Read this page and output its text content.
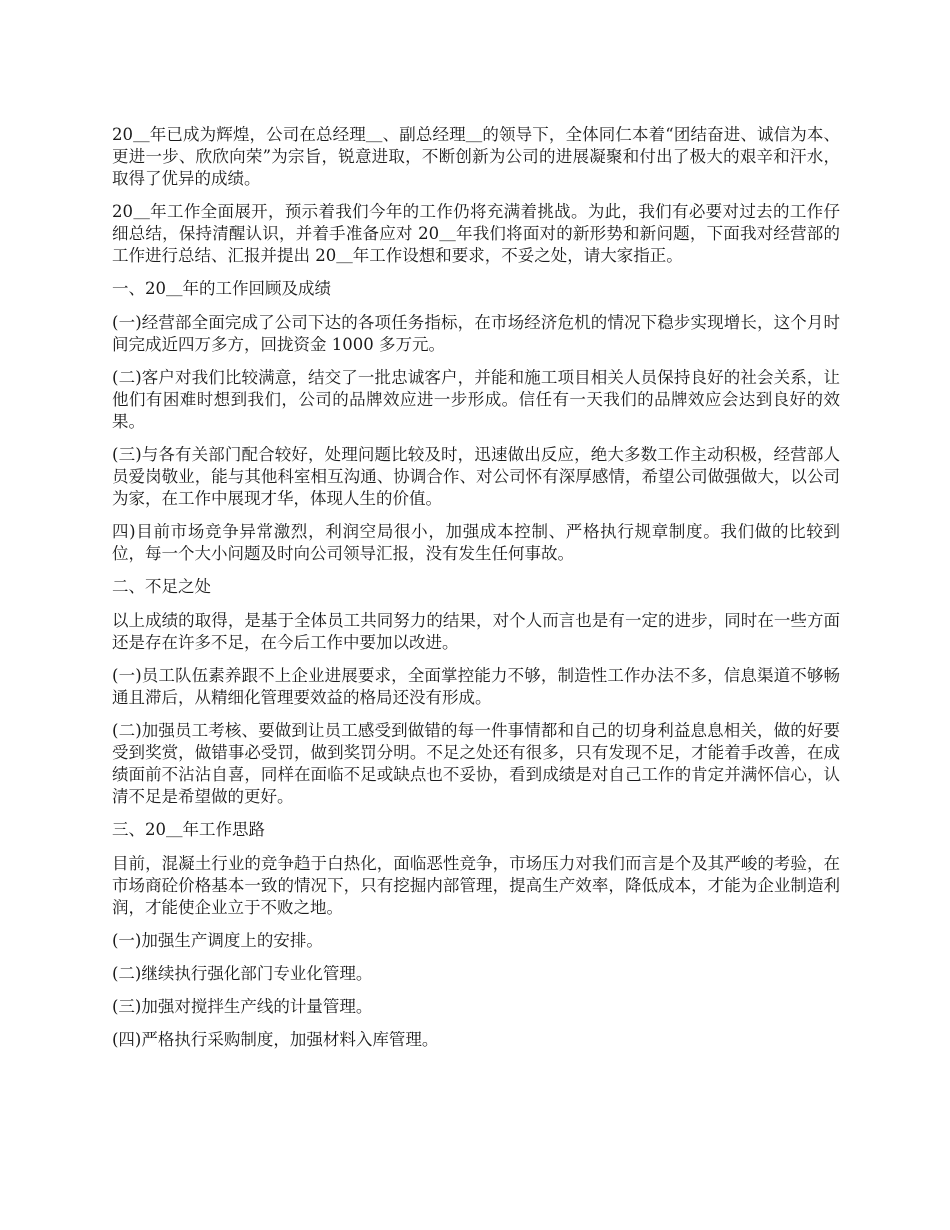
20＿年已成为辉煌，公司在总经理＿、副总经理＿的领导下，全体同仁本着“团结奋进、诚信为本、更进一步、欣欣向荣”为宗旨，锐意进取，不断创新为公司的进展凝聚和付出了极大的艰辛和汗水，取得了优异的成绩。

20＿年工作全面展开，预示着我们今年的工作仍将充满着挑战。为此，我们有必要对过去的工作仔细总结，保持清醒认识，并着手准备应对 20＿年我们将面对的新形势和新问题，下面我对经营部的工作进行总结、汇报并提出 20＿年工作设想和要求，不妥之处，请大家指正。

一、20＿年的工作回顾及成绩

(一)经营部全面完成了公司下达的各项任务指标，在市场经济危机的情况下稳步实现增长，这个月时间完成近四万多方，回拢资金 1000 多万元。

(二)客户对我们比较满意，结交了一批忠诚客户，并能和施工项目相关人员保持良好的社会关系，让他们有困难时想到我们，公司的品牌效应进一步形成。信任有一天我们的品牌效应会达到良好的效果。

(三)与各有关部门配合较好，处理问题比较及时，迅速做出反应，绝大多数工作主动积极，经营部人员爱岗敬业，能与其他科室相互沟通、协调合作、对公司怀有深厚感情，希望公司做强做大，以公司为家，在工作中展现才华，体现人生的价值。

四)目前市场竞争异常激烈，利润空局很小，加强成本控制、严格执行规章制度。我们做的比较到位，每一个大小问题及时向公司领导汇报，没有发生任何事故。

二、不足之处

以上成绩的取得，是基于全体员工共同努力的结果，对个人而言也是有一定的进步，同时在一些方面还是存在许多不足，在今后工作中要加以改进。

(一)员工队伍素养跟不上企业进展要求，全面掌控能力不够，制造性工作办法不多，信息渠道不够畅通且滞后，从精细化管理要效益的格局还没有形成。

(二)加强员工考核、要做到让员工感受到做错的每一件事情都和自己的切身利益息息相关，做的好要受到奖赏，做错事必受罚，做到奖罚分明。不足之处还有很多，只有发现不足，才能着手改善，在成绩面前不沾沾自喜，同样在面临不足或缺点也不妥协，看到成绩是对自己工作的肯定并满怀信心，认清不足是希望做的更好。

三、20＿年工作思路

目前，混凝土行业的竞争趋于白热化，面临恶性竞争，市场压力对我们而言是个及其严峻的考验，在市场商砼价格基本一致的情况下，只有挖掘内部管理，提高生产效率，降低成本，才能为企业制造利润，才能使企业立于不败之地。

(一)加强生产调度上的安排。

(二)继续执行强化部门专业化管理。

(三)加强对搅拌生产线的计量管理。

(四)严格执行采购制度，加强材料入库管理。
